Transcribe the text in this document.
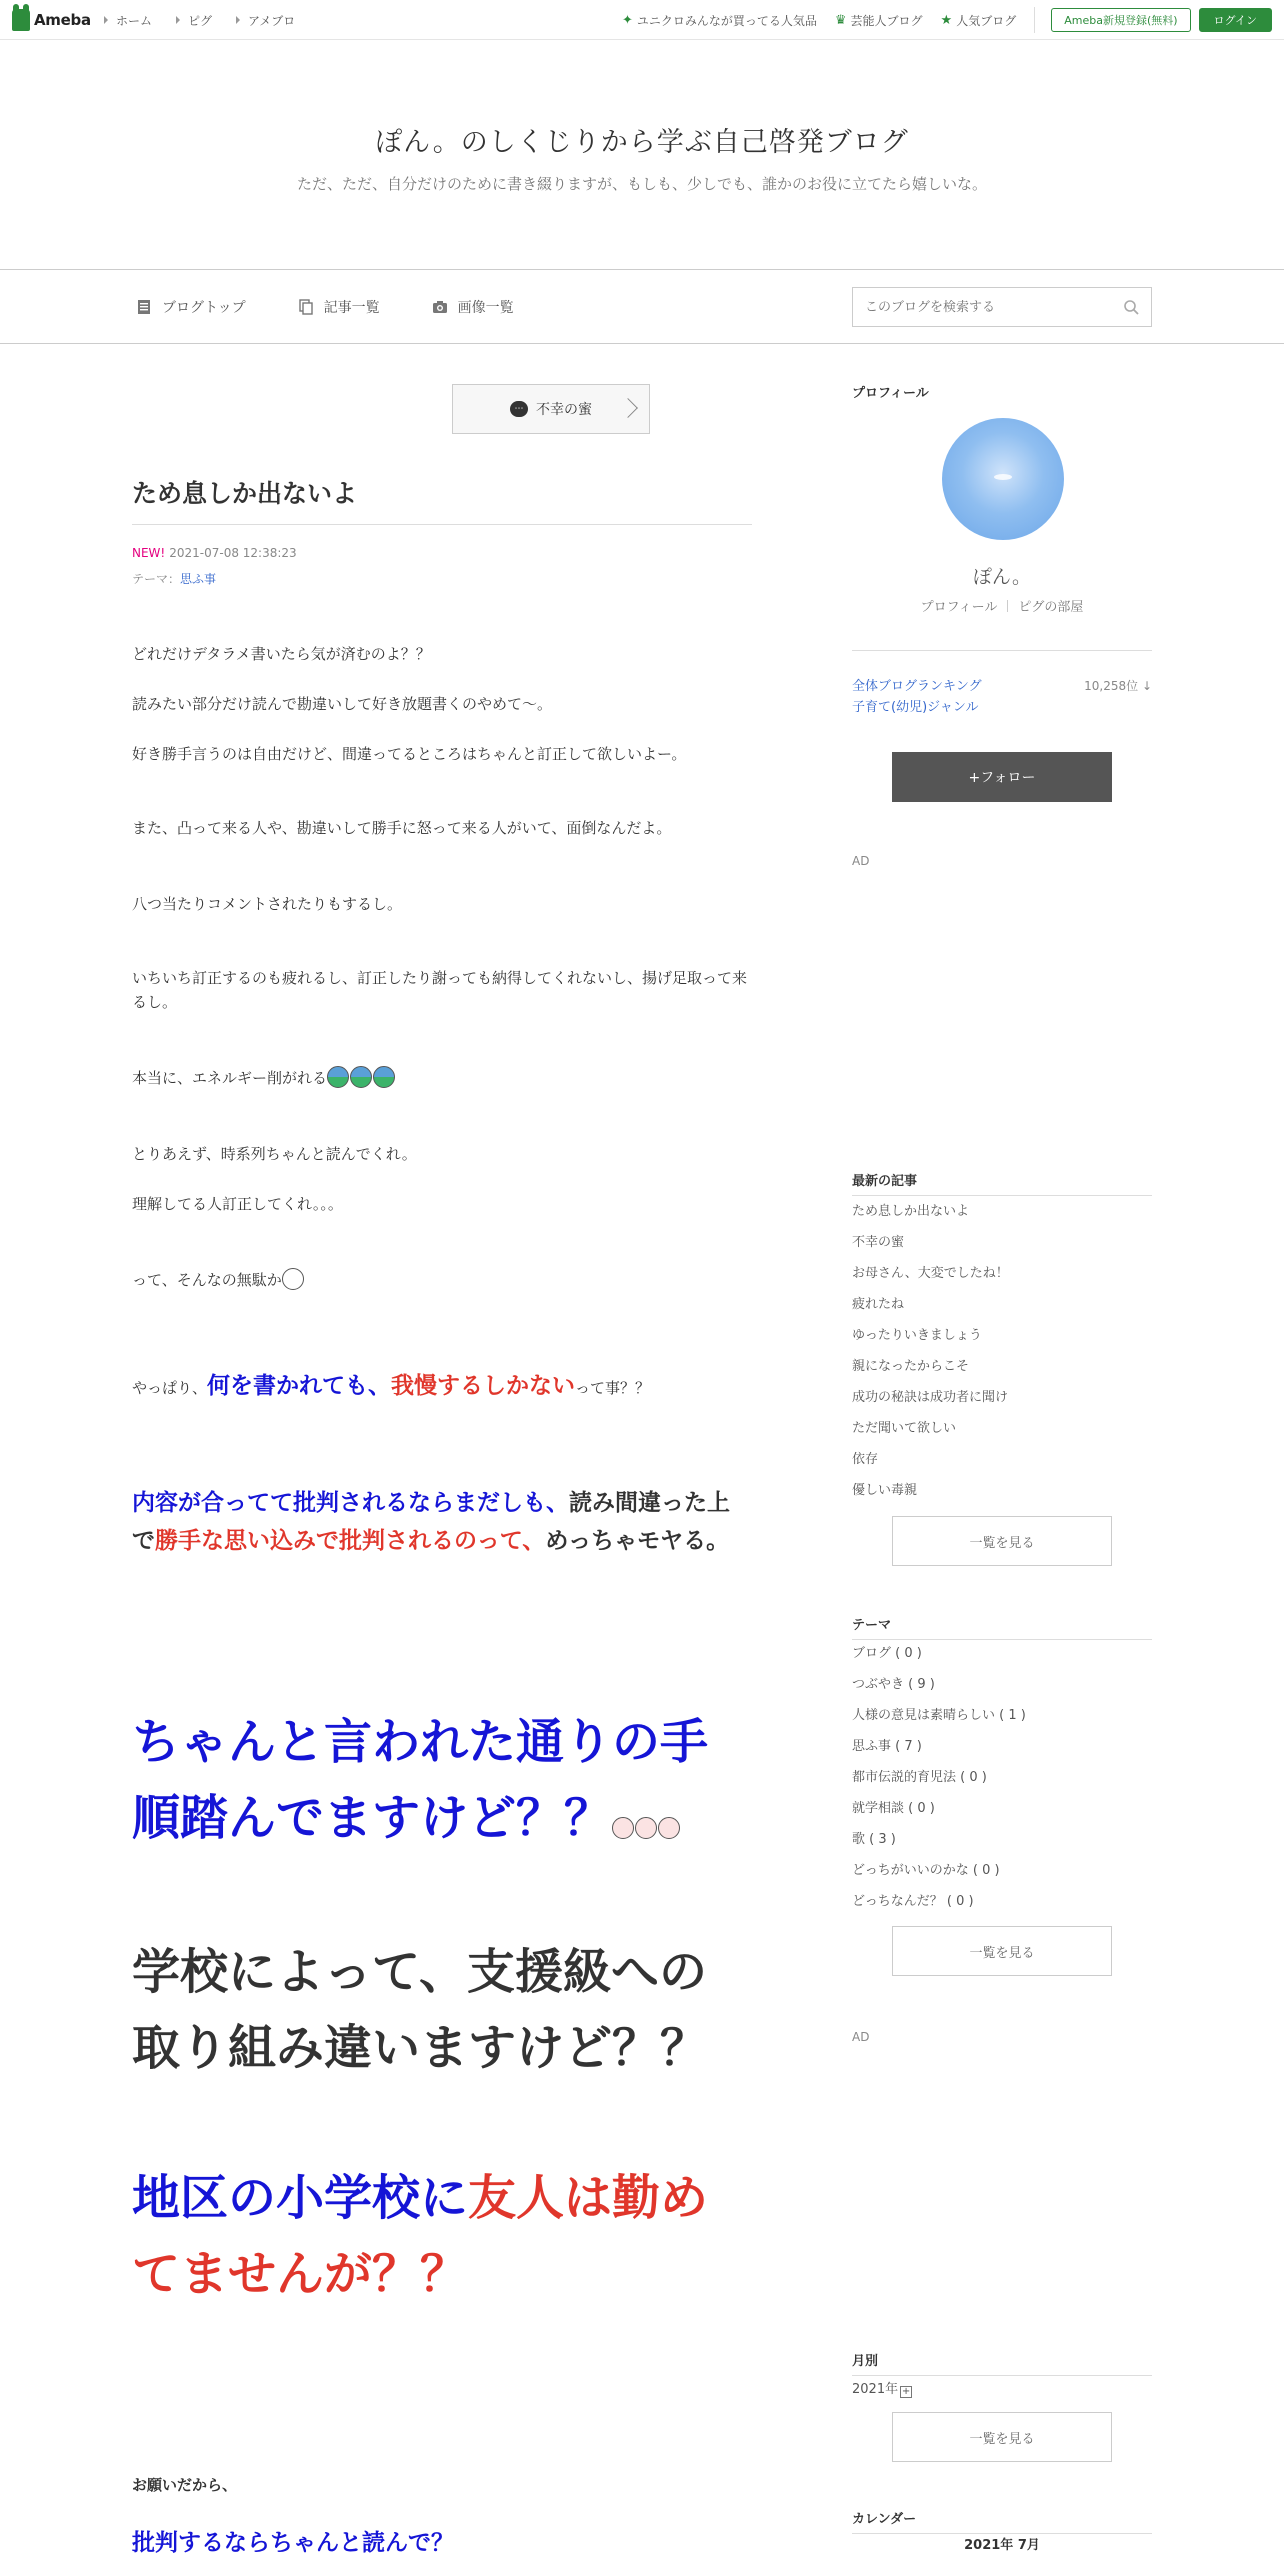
Ameba ホーム	ピグ	アメブロ	✦ ユニクロみんなが買ってる人気品 ♛ 芸能人ブログ ★ 人気ブログ	Ameba新規登録(無料)	ログイン
ぽん。のしくじりから学ぶ自己啓発ブログ
ただ、ただ、自分だけのために書き綴りますが、もしも、少しでも、誰かのお役に立てたら嬉しいな。
ブログトップ	記事一覧	画像一覧
このブログを検索する
⋯ 不幸の蜜
ため息しか出ないよ
NEW! 2021-07-08 12:38:23
テーマ：思ふ事

どれだけデタラメ書いたら気が済むのよ？？

読みたい部分だけ読んで勘違いして好き放題書くのやめて〜。

好き勝手言うのは自由だけど、間違ってるところはちゃんと訂正して欲しいよー。

また、凸って来る人や、勘違いして勝手に怒って来る人がいて、面倒なんだよ。

八つ当たりコメントされたりもするし。

いちいち訂正するのも疲れるし、訂正したり謝っても納得してくれないし、揚げ足取って来るし。

本当に、エネルギー削がれる

とりあえず、時系列ちゃんと読んでくれ。

理解してる人訂正してくれ。。。

って、そんなの無駄か

やっぱり、何を書かれても、我慢するしかないって事？？

内容が合ってて批判されるならまだしも、読み間違った上で勝手な思い込みで批判されるのって、めっちゃモヤる。

ちゃんと言われた通りの手順踏んでますけど？？
学校によって、支援級への取り組み違いますけど？？
地区の小学校に友人は勤めてませんが？？

お願いだから、

批判するならちゃんと読んで？

プロフィール
ぽん。
プロフィール ピグの部屋
全体ブログランキング
子育て(幼児)ジャンル
10,258位 ↓
+フォロー
AD
最新の記事
ため息しか出ないよ
不幸の蜜
お母さん、大変でしたね！
疲れたね
ゆったりいきましょう
親になったからこそ
成功の秘訣は成功者に聞け
ただ聞いて欲しい
依存
優しい毒親
一覧を見る
テーマ
ブログ ( 0 )
つぶやき ( 9 )
人様の意見は素晴らしい ( 1 )
思ふ事 ( 7 )
都市伝説的育児法 ( 0 )
就学相談 ( 0 )
歌 ( 3 )
どっちがいいのかな ( 0 )
どっちなんだ？ ( 0 )
一覧を見る
AD
月別
2021年 +
一覧を見る
カレンダー
2021年 7月
